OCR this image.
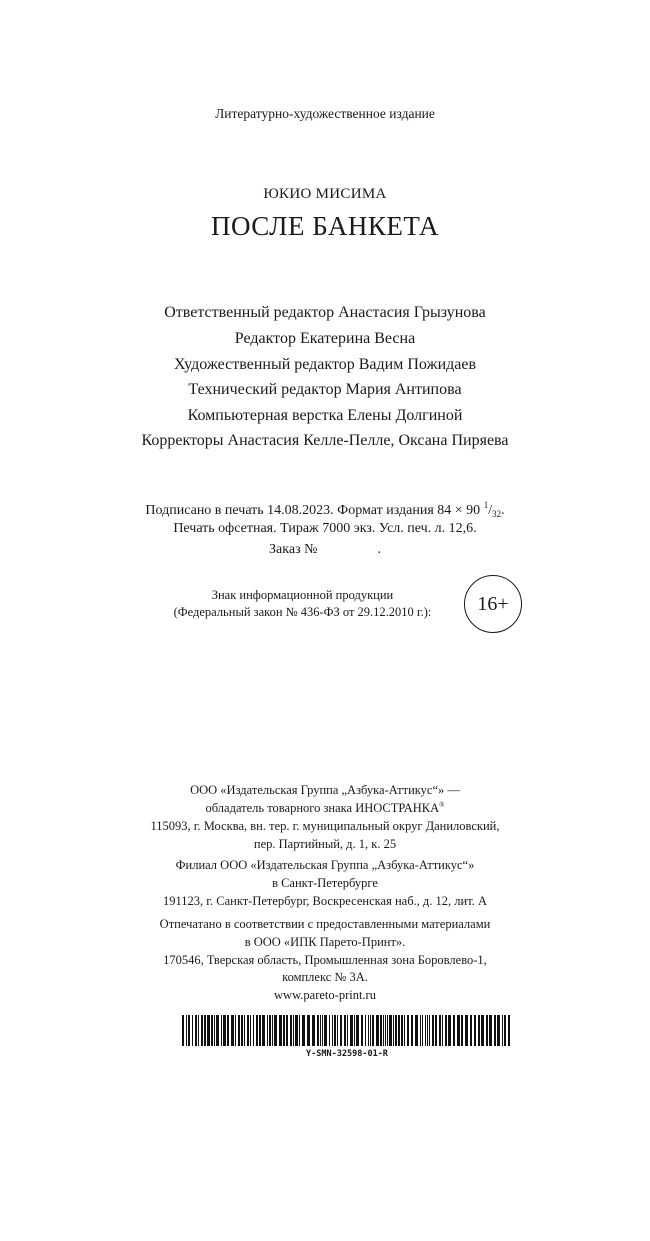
Литературно-художественное издание
ЮКИО МИСИМА
ПОСЛЕ БАНКЕТА
Ответственный редактор Анастасия Грызунова
Редактор Екатерина Весна
Художественный редактор Вадим Пожидаев
Технический редактор Мария Антипова
Компьютерная верстка Елены Долгиной
Корректоры Анастасия Келле-Пелле, Оксана Пиряева
Подписано в печать 14.08.2023. Формат издания 84 × 90 $^1/_{32}$.
Печать офсетная. Тираж 7000 экз. Усл. печ. л. 12,6.
Заказ №	.
Знак информационной продукции
(Федеральный закон № 436-ФЗ от 29.12.2010 г.):	16+
ООО «Издательская Группа „Азбука-Аттикус“» —
обладатель товарного знака ИНОСТРАНКА®
115093, г. Москва, вн. тер. г. муниципальный округ Даниловский,
пер. Партийный, д. 1, к. 25
Филиал ООО «Издательская Группа „Азбука-Аттикус“»
в Санкт-Петербурге
191123, г. Санкт-Петербург, Воскресенская наб., д. 12, лит. А
Отпечатано в соответствии с предоставленными материалами
в ООО «ИПК Парето-Принт».
170546, Тверская область, Промышленная зона Боровлево-1,
комплекс № 3А.
www.pareto-print.ru
Y-SMN-32598-01-R
